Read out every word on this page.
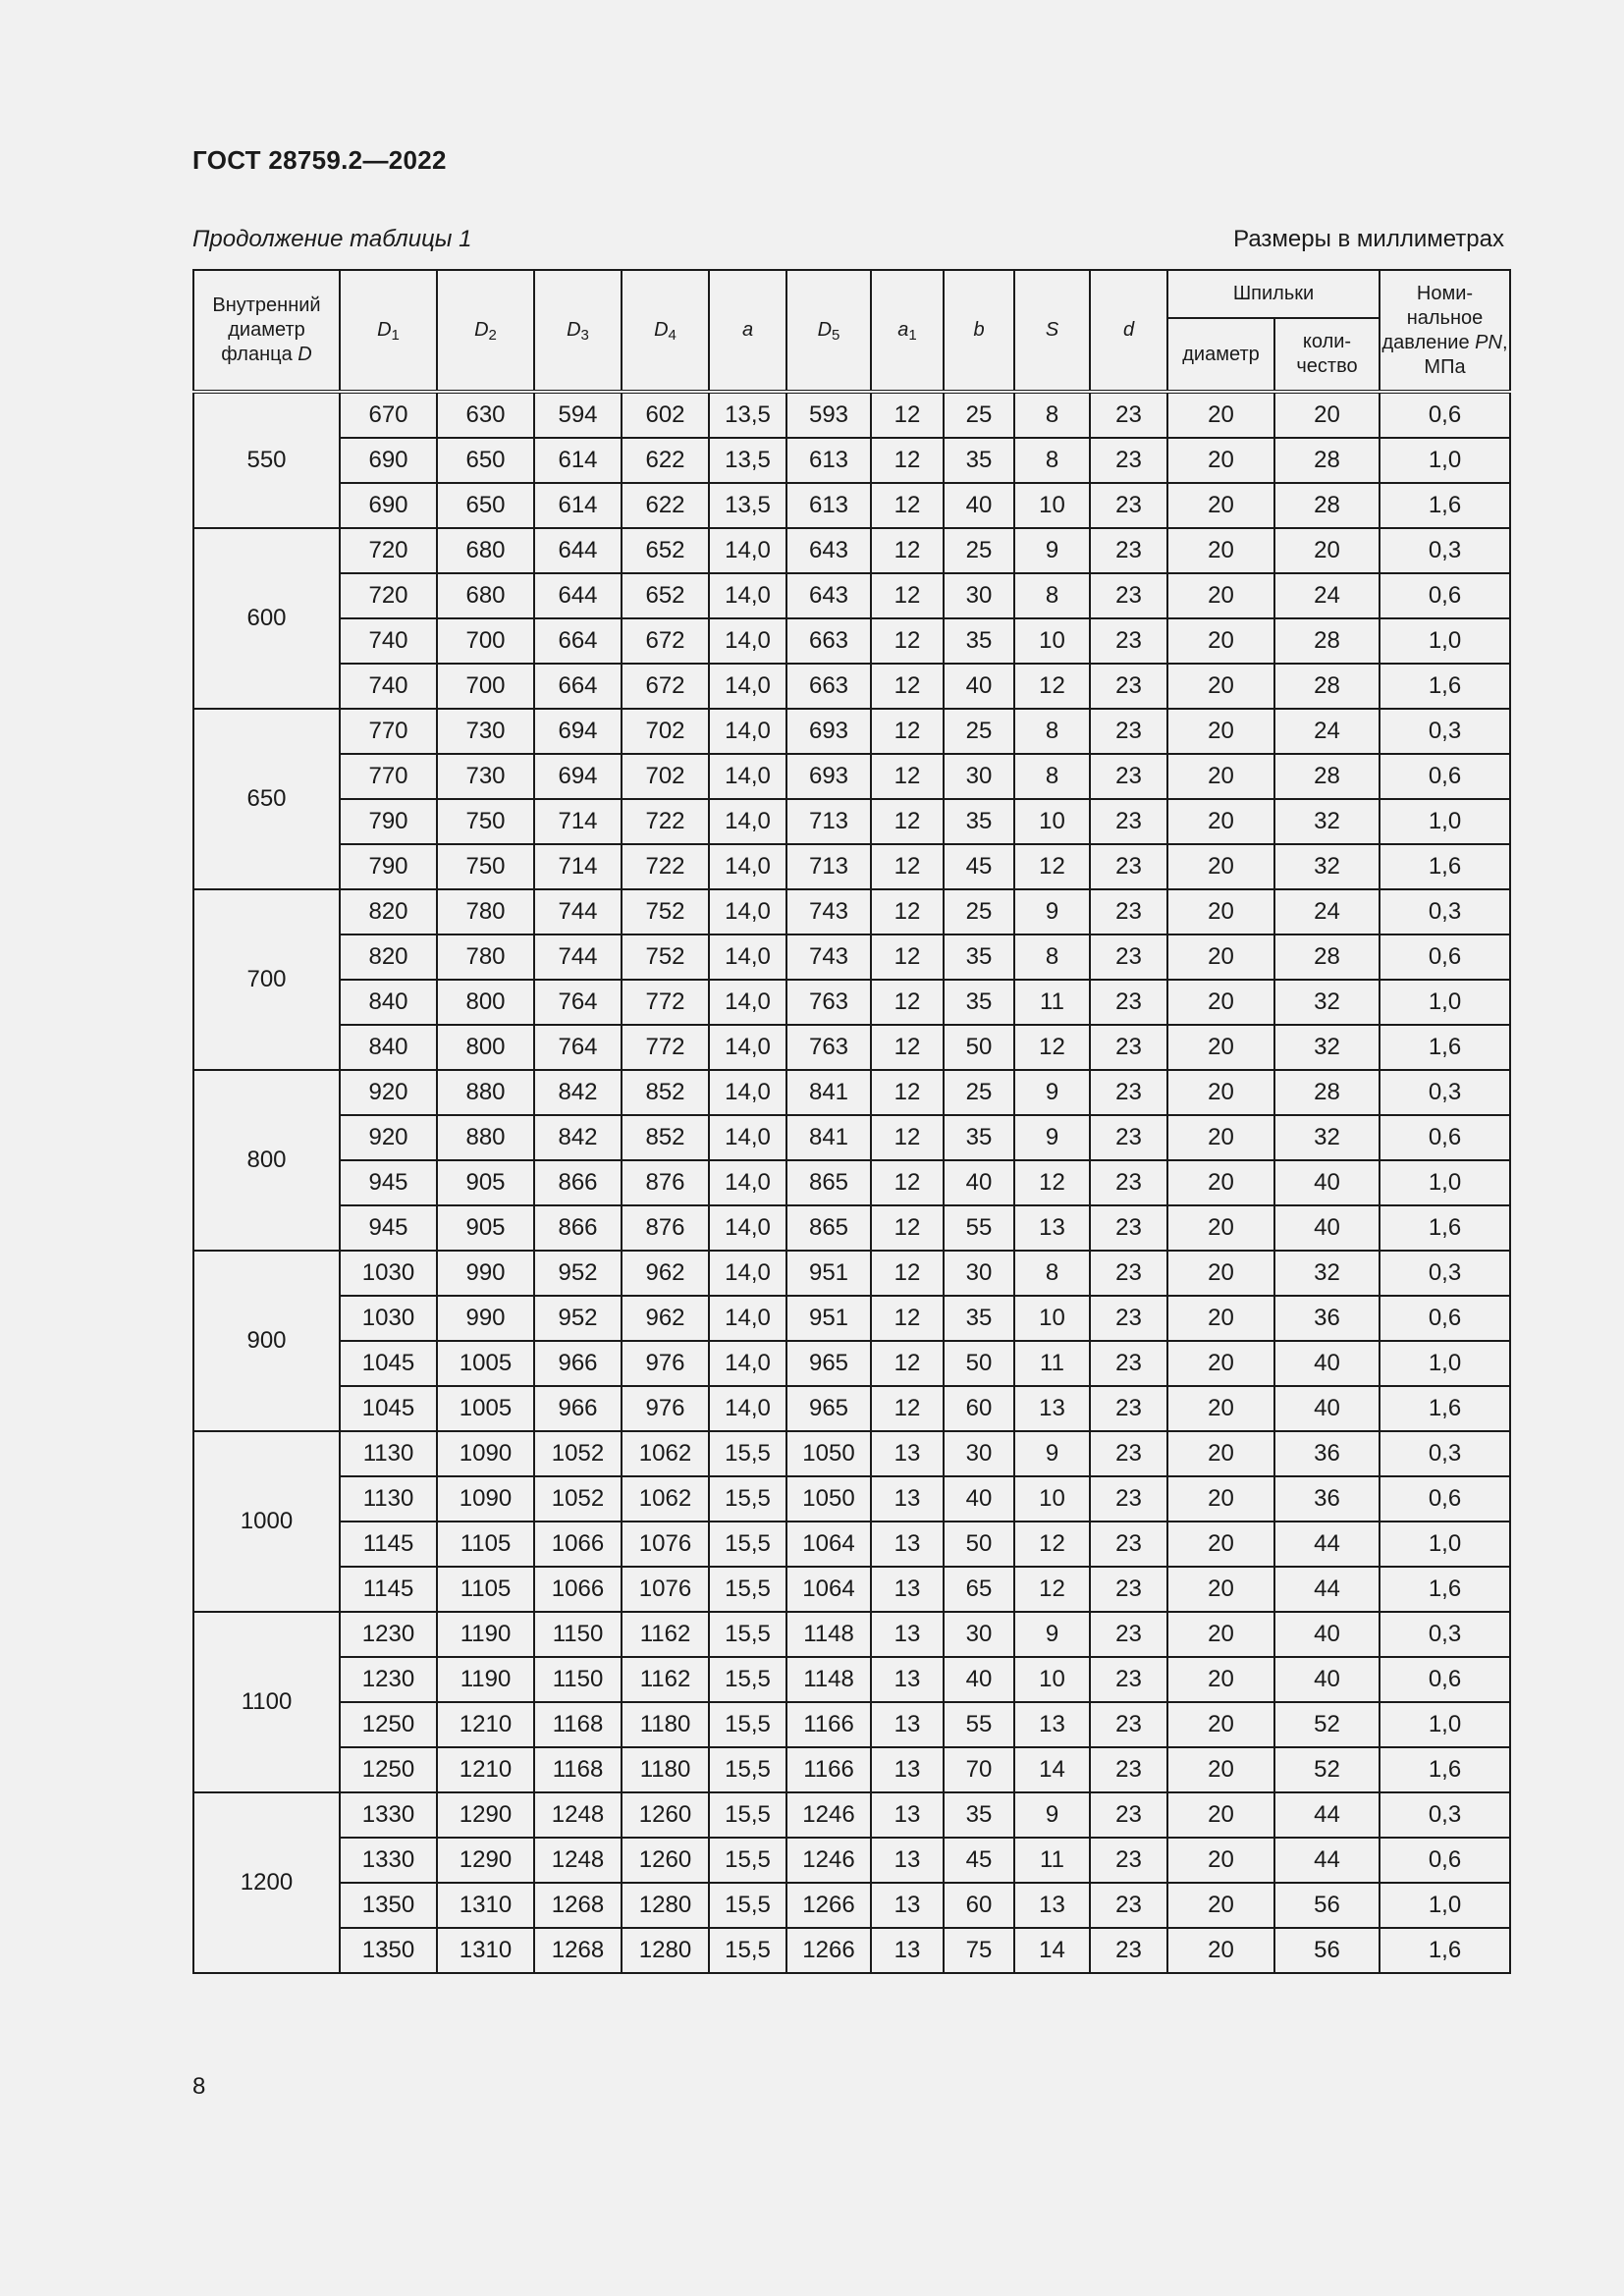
ГОСТ 28759.2—2022
Продолжение таблицы 1	Размеры в миллиметрах
Внутренний диаметр фланца D	$D_1$	$D_2$	$D_3$	$D_4$	a	$D_5$	$a_1$	b	S	d	Шпильки		Номи-нальное давление PN, МПа
											диаметр	коли-чество	
550	670	630	594	602	13,5	593	12	25	8	23	20	20	0,6
	690	650	614	622	13,5	613	12	35	8	23	20	28	1,0
	690	650	614	622	13,5	613	12	40	10	23	20	28	1,6
600	720	680	644	652	14,0	643	12	25	9	23	20	20	0,3
	720	680	644	652	14,0	643	12	30	8	23	20	24	0,6
	740	700	664	672	14,0	663	12	35	10	23	20	28	1,0
	740	700	664	672	14,0	663	12	40	12	23	20	28	1,6
650	770	730	694	702	14,0	693	12	25	8	23	20	24	0,3
	770	730	694	702	14,0	693	12	30	8	23	20	28	0,6
	790	750	714	722	14,0	713	12	35	10	23	20	32	1,0
	790	750	714	722	14,0	713	12	45	12	23	20	32	1,6
700	820	780	744	752	14,0	743	12	25	9	23	20	24	0,3
	820	780	744	752	14,0	743	12	35	8	23	20	28	0,6
	840	800	764	772	14,0	763	12	35	11	23	20	32	1,0
	840	800	764	772	14,0	763	12	50	12	23	20	32	1,6
800	920	880	842	852	14,0	841	12	25	9	23	20	28	0,3
	920	880	842	852	14,0	841	12	35	9	23	20	32	0,6
	945	905	866	876	14,0	865	12	40	12	23	20	40	1,0
	945	905	866	876	14,0	865	12	55	13	23	20	40	1,6
900	1030	990	952	962	14,0	951	12	30	8	23	20	32	0,3
	1030	990	952	962	14,0	951	12	35	10	23	20	36	0,6
	1045	1005	966	976	14,0	965	12	50	11	23	20	40	1,0
	1045	1005	966	976	14,0	965	12	60	13	23	20	40	1,6
1000	1130	1090	1052	1062	15,5	1050	13	30	9	23	20	36	0,3
	1130	1090	1052	1062	15,5	1050	13	40	10	23	20	36	0,6
	1145	1105	1066	1076	15,5	1064	13	50	12	23	20	44	1,0
	1145	1105	1066	1076	15,5	1064	13	65	12	23	20	44	1,6
1100	1230	1190	1150	1162	15,5	1148	13	30	9	23	20	40	0,3
	1230	1190	1150	1162	15,5	1148	13	40	10	23	20	40	0,6
	1250	1210	1168	1180	15,5	1166	13	55	13	23	20	52	1,0
	1250	1210	1168	1180	15,5	1166	13	70	14	23	20	52	1,6
1200	1330	1290	1248	1260	15,5	1246	13	35	9	23	20	44	0,3
	1330	1290	1248	1260	15,5	1246	13	45	11	23	20	44	0,6
	1350	1310	1268	1280	15,5	1266	13	60	13	23	20	56	1,0
	1350	1310	1268	1280	15,5	1266	13	75	14	23	20	56	1,6
8
